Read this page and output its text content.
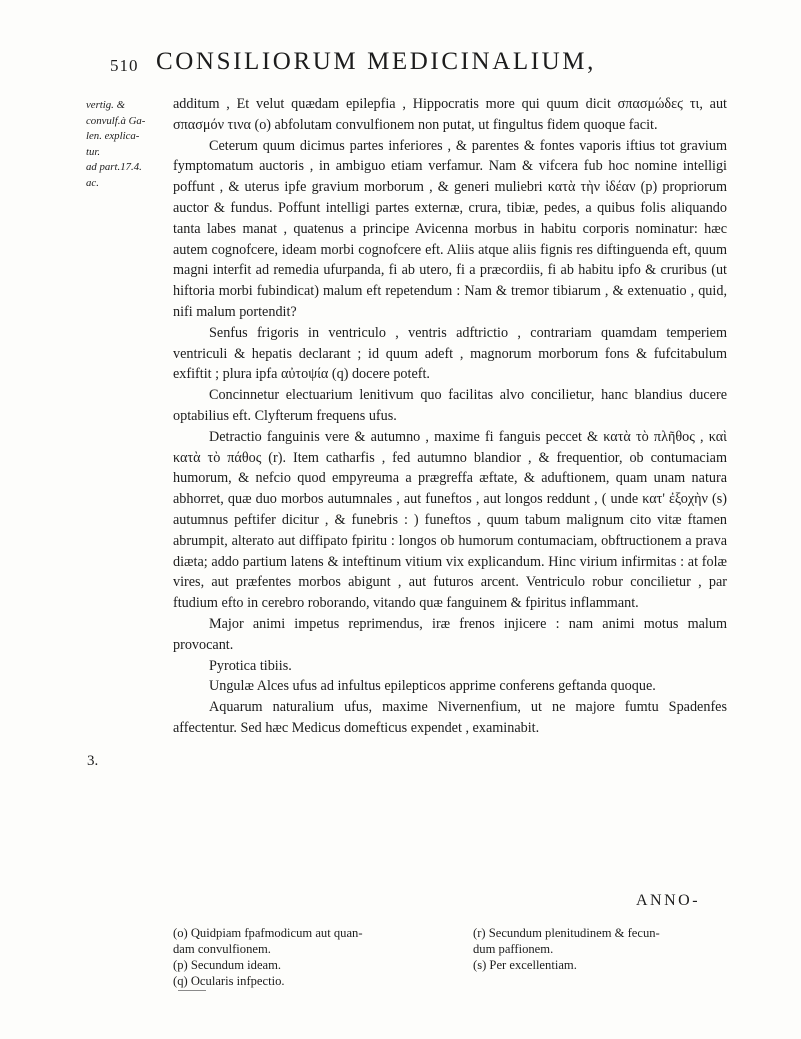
510 CONSILIORUM MEDICINALIUM,
vertig. &
convulf.à Ga-
len. explica-
tur.
ad part.17.4.
ac.
3.

additum , Et velut quædam epilepfia , Hippocratis more qui quum dicit σπασμώδεϛ τι, aut σπασμόν τινα (o) abfolutam convulfionem non putat, ut fingultus fidem quoque facit.

Ceterum quum dicimus partes inferiores , & parentes & fontes vaporis iftius tot gravium fymptomatum auctoris , in ambiguo etiam verfamur. Nam & vifcera fub hoc nomine intelligi poffunt , & uterus ipfe gravium morborum , & generi muliebri κατὰ τὴν ἰδέαν (p) propriorum auctor & fundus. Poffunt intelligi partes externæ, crura, tibiæ, pedes, a quibus folis aliquando tanta labes manat , quatenus a principe Avicenna morbus in habitu corporis nominatur: hæc autem cognofcere, ideam morbi cognofcere eft. Aliis atque aliis fignis res diftinguenda eft, quum magni interfit ad remedia ufurpanda, fi ab utero, fi a præcordiis, fi ab habitu ipfo & cruribus (ut hiftoria morbi fubindicat) malum eft repetendum : Nam & tremor tibiarum , & extenuatio , quid, nifi malum portendit?

Senfus frigoris in ventriculo , ventris adftrictio , contrariam quamdam temperiem ventriculi & hepatis declarant ; id quum adeft , magnorum morborum fons & fufcitabulum exfiftit ; plura ipfa αὐτοψία (q) docere poteft.

Concinnetur electuarium lenitivum quo facilitas alvo concilietur, hanc blandius ducere optabilius eft. Clyfterum frequens ufus.

Detractio fanguinis vere & autumno , maxime fi fanguis peccet & κατὰ τὸ πλῆθος , καὶ κατὰ τὸ πάθος (r). Item catharfis , fed autumno blandior , & frequentior, ob contumaciam humorum, & nefcio quod empyreuma a prægreffa æftate, & aduftionem, quam unam natura abhorret, quæ duo morbos autumnales , aut funeftos , aut longos reddunt , ( unde κατ' ἐξοχὴν (s) autumnus peftifer dicitur , & funebris : ) funeftos , quum tabum malignum cito vitæ ftamen abrumpit, alterato aut diffipato fpiritu : longos ob humorum contumaciam, obftructionem a prava diæta; addo partium latens & inteftinum vitium vix explicandum. Hinc virium infirmitas : at folæ vires, aut præfentes morbos abigunt , aut futuros arcent. Ventriculo robur concilietur , par ftudium efto in cerebro roborando, vitando quæ fanguinem & fpiritus inflammant.

Major animi impetus reprimendus, iræ frenos injicere : nam animi motus malum provocant.

Pyrotica tibiis.

Ungulæ Alces ufus ad infultus epilepticos apprime conferens geftanda quoque.

Aquarum naturalium ufus, maxime Nivernenfium, ut ne majore fumtu Spadenfes affectentur. Sed hæc Medicus domefticus expendet , examinabit.

ANNO-
(o) Quidpiam fpafmodicum aut quan-
dam convulfionem.
(p) Secundum ideam.
(q) Ocularis infpectio.
(r) Secundum plenitudinem & fecun-
dum paffionem.
(s) Per excellentiam.
